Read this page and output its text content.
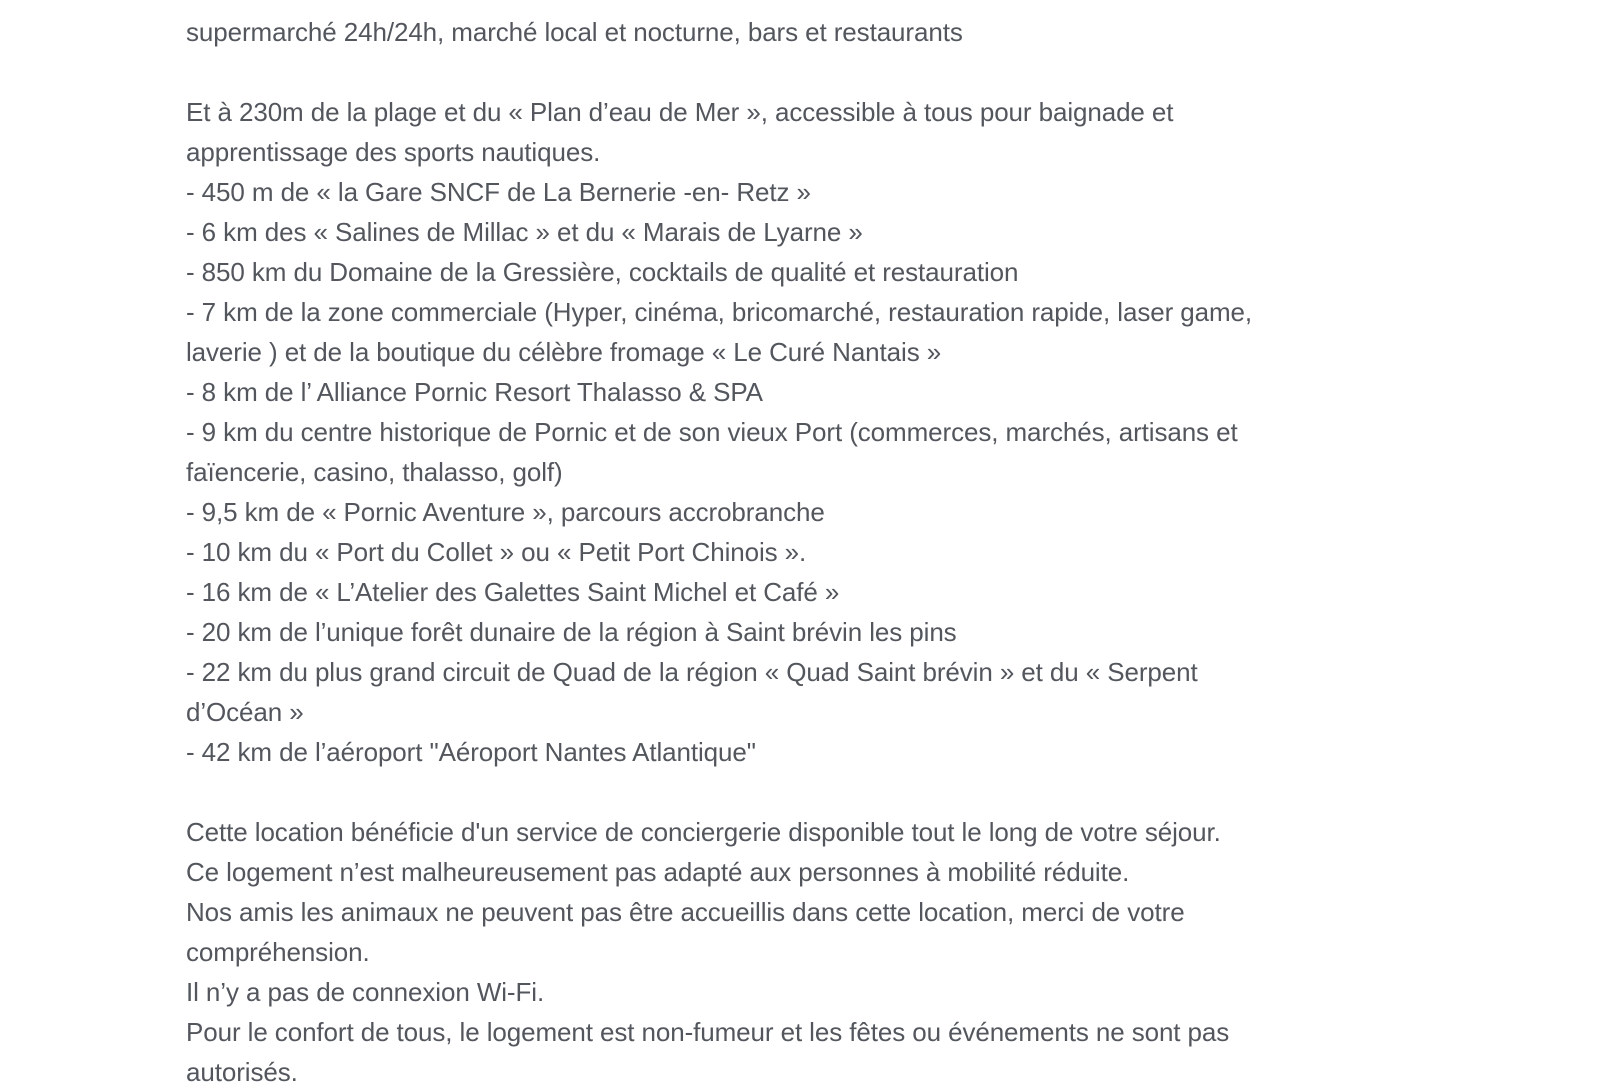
supermarché 24h/24h, marché local et nocturne, bars et restaurants

Et à 230m de la plage et du « Plan d’eau de Mer », accessible à tous pour baignade et

apprentissage des sports nautiques.

- 450 m de « la Gare SNCF de La Bernerie -en- Retz »

- 6 km des « Salines de Millac » et du « Marais de Lyarne »

- 850 km du Domaine de la Gressière, cocktails de qualité et restauration

- 7 km de la zone commerciale (Hyper, cinéma, bricomarché, restauration rapide, laser game,

laverie ) et de la boutique du célèbre fromage « Le Curé Nantais »

- 8 km de l’ Alliance Pornic Resort Thalasso & SPA

- 9 km du centre historique de Pornic et de son vieux Port (commerces, marchés, artisans et

faïencerie, casino, thalasso, golf)

- 9,5 km de « Pornic Aventure », parcours accrobranche

- 10 km du « Port du Collet » ou « Petit Port Chinois ».

- 16 km de « L’Atelier des Galettes Saint Michel et Café »

- 20 km de l’unique forêt dunaire de la région à Saint brévin les pins

- 22 km du plus grand circuit de Quad de la région « Quad Saint brévin » et du « Serpent

d’Océan »

- 42 km de l’aéroport "Aéroport Nantes Atlantique"

Cette location bénéficie d'un service de conciergerie disponible tout le long de votre séjour.

Ce logement n’est malheureusement pas adapté aux personnes à mobilité réduite.

Nos amis les animaux ne peuvent pas être accueillis dans cette location, merci de votre

compréhension.

Il n’y a pas de connexion Wi-Fi.

Pour le confort de tous, le logement est non-fumeur et les fêtes ou événements ne sont pas

autorisés.
